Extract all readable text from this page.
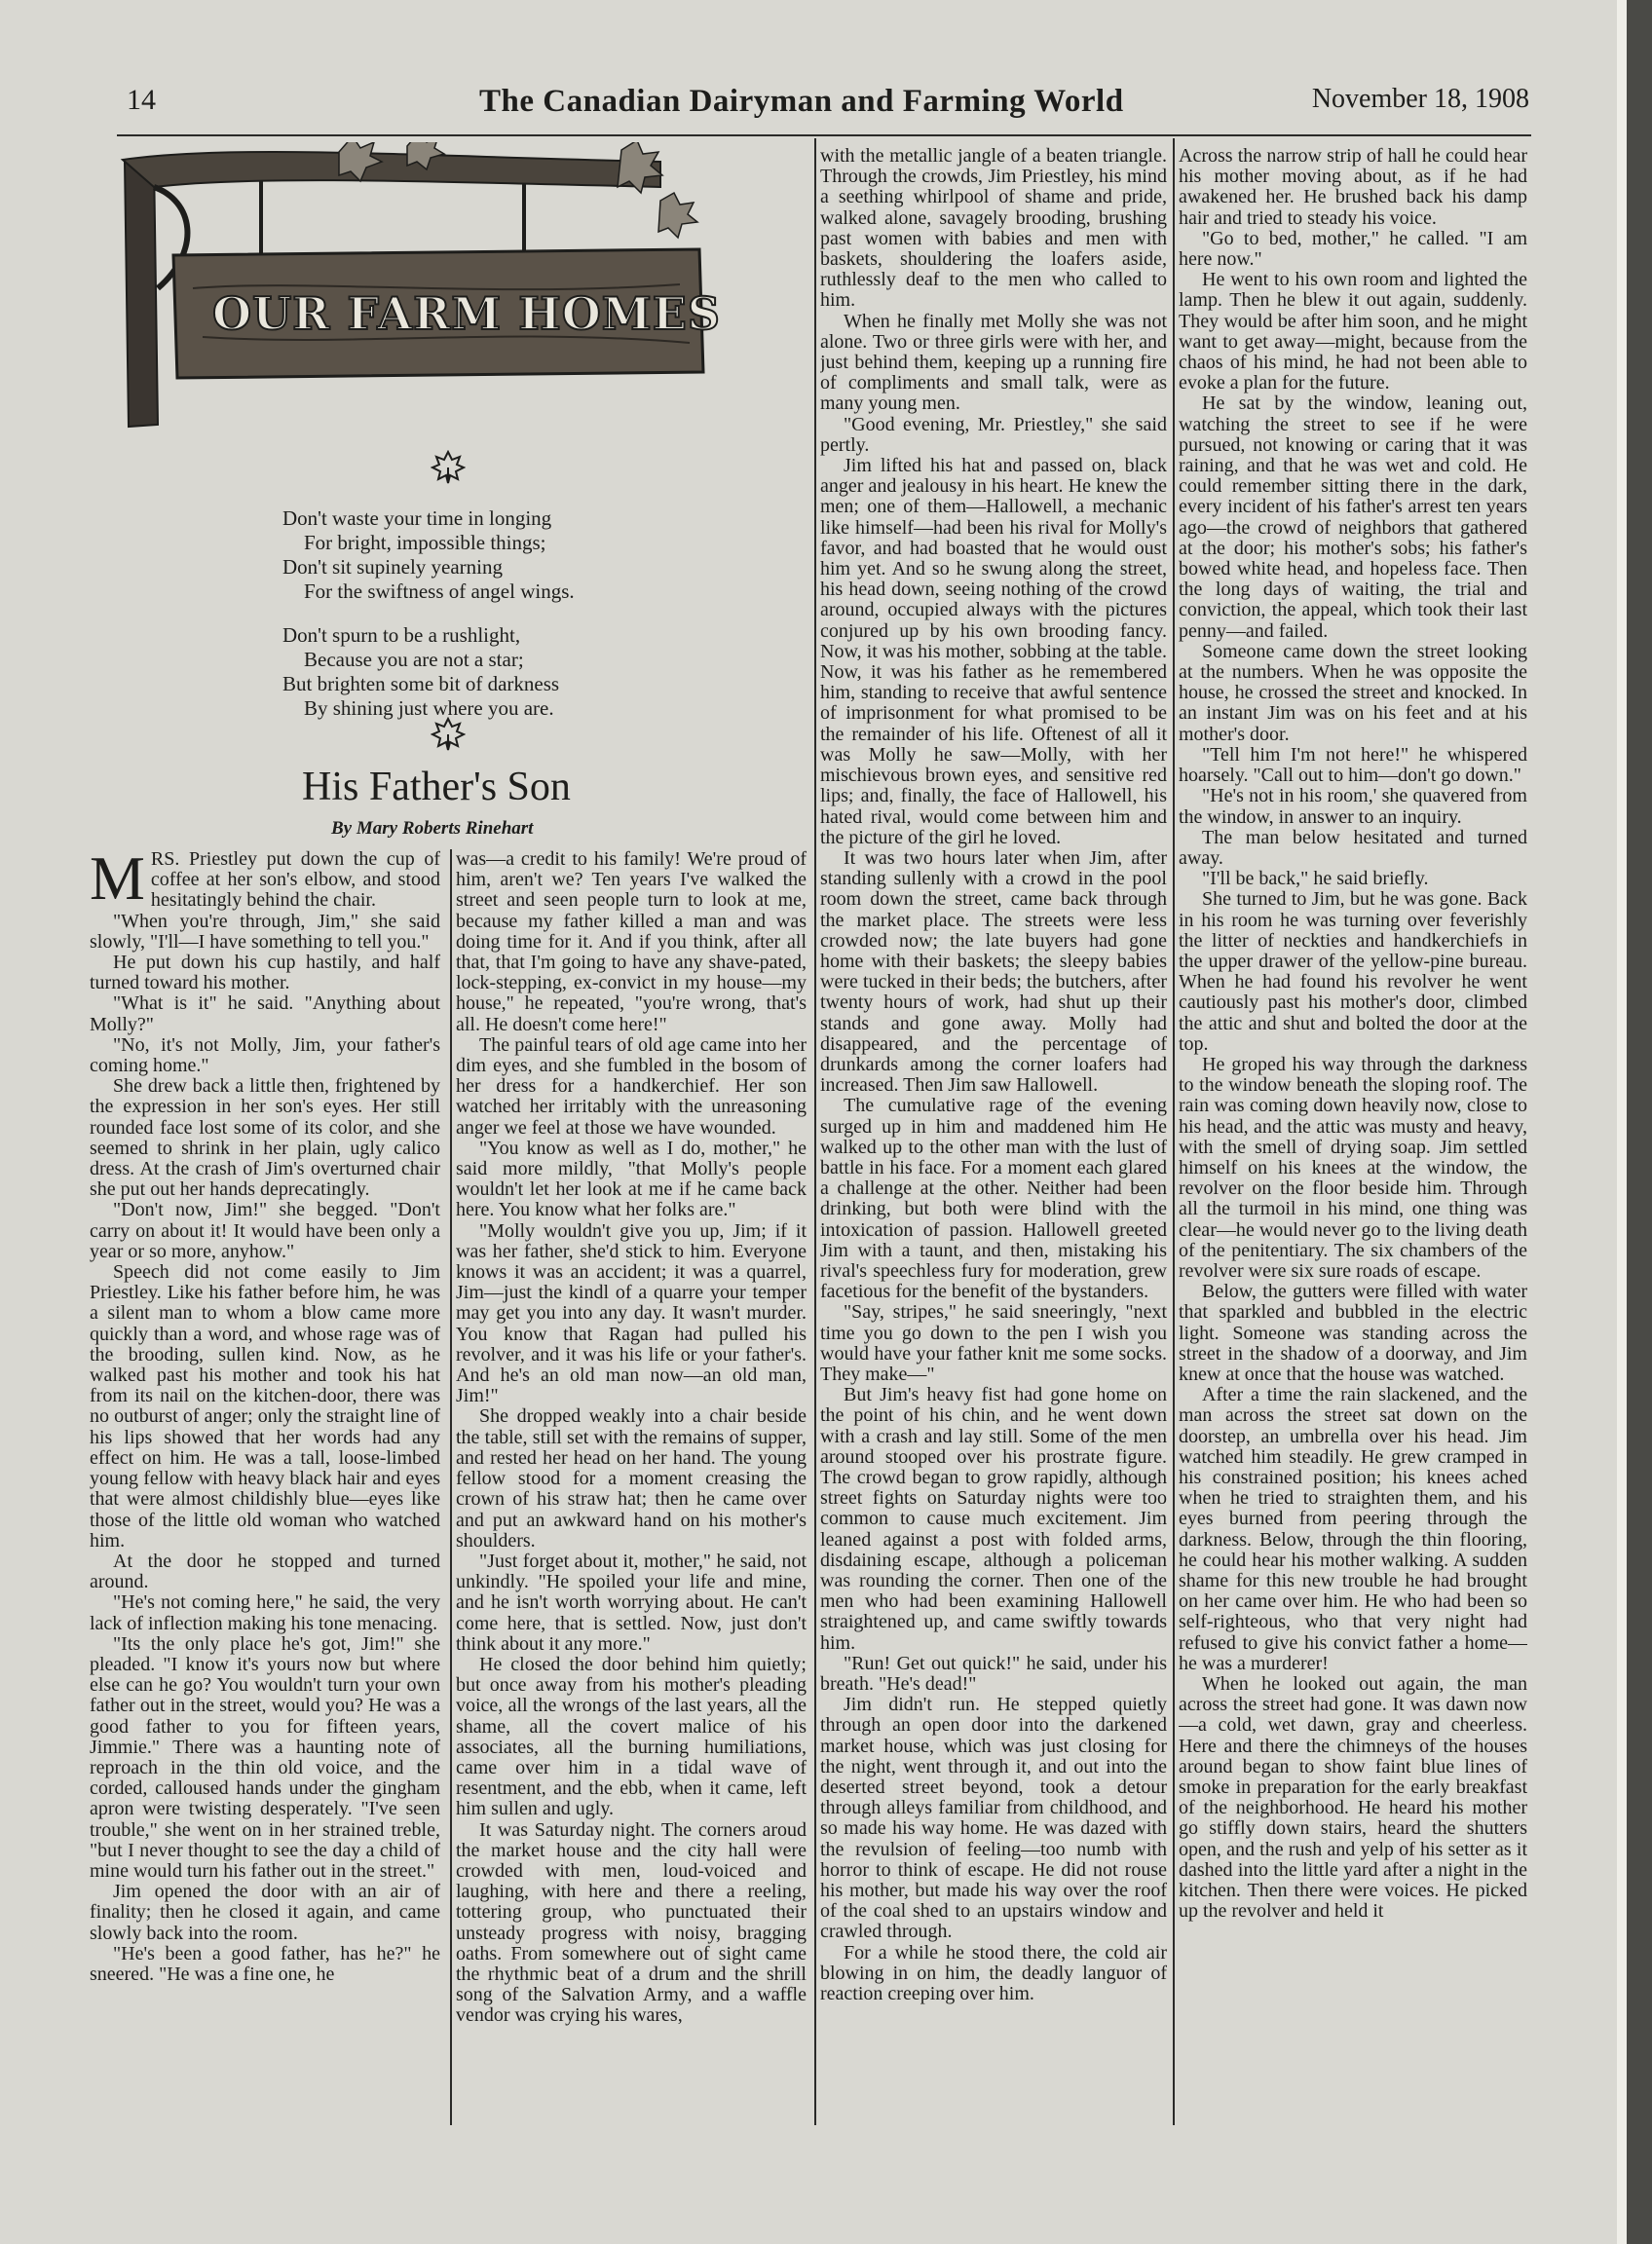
14	The Canadian Dairyman and Farming World	November 18, 1908
OUR FARM HOMES
Don't waste your time in longing
For bright, impossible things;
Don't sit supinely yearning
For the swiftness of angel wings.
Don't spurn to be a rushlight,
Because you are not a star;
But brighten some bit of darkness
By shining just where you are.
His Father's Son
By Mary Roberts Rinehart

MRS. Priestley put down the cup of coffee at her son's elbow, and stood hesitatingly behind the chair.

"When you're through, Jim," she said slowly, "I'll—I have something to tell you."

He put down his cup hastily, and half turned toward his mother.

"What is it" he said. "Anything about Molly?"

"No, it's not Molly, Jim, your father's coming home."

She drew back a little then, frightened by the expression in her son's eyes. Her still rounded face lost some of its color, and she seemed to shrink in her plain, ugly calico dress. At the crash of Jim's overturned chair she put out her hands deprecatingly.

"Don't now, Jim!" she begged. "Don't carry on about it! It would have been only a year or so more, anyhow."

Speech did not come easily to Jim Priestley. Like his father before him, he was a silent man to whom a blow came more quickly than a word, and whose rage was of the brooding, sullen kind. Now, as he walked past his mother and took his hat from its nail on the kitchen-door, there was no outburst of anger; only the straight line of his lips showed that her words had any effect on him. He was a tall, loose-limbed young fellow with heavy black hair and eyes that were almost childishly blue—eyes like those of the little old woman who watched him.

At the door he stopped and turned around.

"He's not coming here," he said, the very lack of inflection making his tone menacing.

"Its the only place he's got, Jim!" she pleaded. "I know it's yours now but where else can he go? You wouldn't turn your own father out in the street, would you? He was a good father to you for fifteen years, Jimmie." There was a haunting note of reproach in the thin old voice, and the corded, calloused hands under the gingham apron were twisting desperately. "I've seen trouble," she went on in her strained treble, "but I never thought to see the day a child of mine would turn his father out in the street."

Jim opened the door with an air of finality; then he closed it again, and came slowly back into the room.

"He's been a good father, has he?" he sneered. "He was a fine one, he

was—a credit to his family! We're proud of him, aren't we? Ten years I've walked the street and seen people turn to look at me, because my father killed a man and was doing time for it. And if you think, after all that, that I'm going to have any shave-pated, lock-stepping, ex-convict in my house—my house," he repeated, "you're wrong, that's all. He doesn't come here!"

The painful tears of old age came into her dim eyes, and she fumbled in the bosom of her dress for a handkerchief. Her son watched her irritably with the unreasoning anger we feel at those we have wounded.

"You know as well as I do, mother," he said more mildly, "that Molly's people wouldn't let her look at me if he came back here. You know what her folks are."

"Molly wouldn't give you up, Jim; if it was her father, she'd stick to him. Everyone knows it was an accident; it was a quarrel, Jim—just the kindl of a quarre your temper may get you into any day. It wasn't murder. You know that Ragan had pulled his revolver, and it was his life or your father's. And he's an old man now—an old man, Jim!"

She dropped weakly into a chair beside the table, still set with the remains of supper, and rested her head on her hand. The young fellow stood for a moment creasing the crown of his straw hat; then he came over and put an awkward hand on his mother's shoulders.

"Just forget about it, mother," he said, not unkindly. "He spoiled your life and mine, and he isn't worth worrying about. He can't come here, that is settled. Now, just don't think about it any more."

He closed the door behind him quietly; but once away from his mother's pleading voice, all the wrongs of the last years, all the shame, all the covert malice of his associates, all the burning humiliations, came over him in a tidal wave of resentment, and the ebb, when it came, left him sullen and ugly.

It was Saturday night. The corners aroud the market house and the city hall were crowded with men, loud-voiced and laughing, with here and there a reeling, tottering group, who punctuated their unsteady progress with noisy, bragging oaths. From somewhere out of sight came the rhythmic beat of a drum and the shrill song of the Salvation Army, and a waffle vendor was crying his wares,

with the metallic jangle of a beaten triangle. Through the crowds, Jim Priestley, his mind a seething whirlpool of shame and pride, walked alone, savagely brooding, brushing past women with babies and men with baskets, shouldering the loafers aside, ruthlessly deaf to the men who called to him.

When he finally met Molly she was not alone. Two or three girls were with her, and just behind them, keeping up a running fire of compliments and small talk, were as many young men.

"Good evening, Mr. Priestley," she said pertly.

Jim lifted his hat and passed on, black anger and jealousy in his heart. He knew the men; one of them—Hallowell, a mechanic like himself—had been his rival for Molly's favor, and had boasted that he would oust him yet. And so he swung along the street, his head down, seeing nothing of the crowd around, occupied always with the pictures conjured up by his own brooding fancy. Now, it was his mother, sobbing at the table. Now, it was his father as he remembered him, standing to receive that awful sentence of imprisonment for what promised to be the remainder of his life. Oftenest of all it was Molly he saw—Molly, with her mischievous brown eyes, and sensitive red lips; and, finally, the face of Hallowell, his hated rival, would come between him and the picture of the girl he loved.

It was two hours later when Jim, after standing sullenly with a crowd in the pool room down the street, came back through the market place. The streets were less crowded now; the late buyers had gone home with their baskets; the sleepy babies were tucked in their beds; the butchers, after twenty hours of work, had shut up their stands and gone away. Molly had disappeared, and the percentage of drunkards among the corner loafers had increased. Then Jim saw Hallowell.

The cumulative rage of the evening surged up in him and maddened him He walked up to the other man with the lust of battle in his face. For a moment each glared a challenge at the other. Neither had been drinking, but both were blind with the intoxication of passion. Hallowell greeted Jim with a taunt, and then, mistaking his rival's speechless fury for moderation, grew facetious for the benefit of the bystanders.

"Say, stripes," he said sneeringly, "next time you go down to the pen I wish you would have your father knit me some socks. They make—"

But Jim's heavy fist had gone home on the point of his chin, and he went down with a crash and lay still. Some of the men around stooped over his prostrate figure. The crowd began to grow rapidly, although street fights on Saturday nights were too common to cause much excitement. Jim leaned against a post with folded arms, disdaining escape, although a policeman was rounding the corner. Then one of the men who had been examining Hallowell straightened up, and came swiftly towards him.

"Run! Get out quick!" he said, under his breath. "He's dead!"

Jim didn't run. He stepped quietly through an open door into the darkened market house, which was just closing for the night, went through it, and out into the deserted street beyond, took a detour through alleys familiar from childhood, and so made his way home. He was dazed with the revulsion of feeling—too numb with horror to think of escape. He did not rouse his mother, but made his way over the roof of the coal shed to an upstairs window and crawled through.

For a while he stood there, the cold air blowing in on him, the deadly languor of reaction creeping over him.

Across the narrow strip of hall he could hear his mother moving about, as if he had awakened her. He brushed back his damp hair and tried to steady his voice.

"Go to bed, mother," he called. "I am here now."

He went to his own room and lighted the lamp. Then he blew it out again, suddenly. They would be after him soon, and he might want to get away—might, because from the chaos of his mind, he had not been able to evoke a plan for the future.

He sat by the window, leaning out, watching the street to see if he were pursued, not knowing or caring that it was raining, and that he was wet and cold. He could remember sitting there in the dark, every incident of his father's arrest ten years ago—the crowd of neighbors that gathered at the door; his mother's sobs; his father's bowed white head, and hopeless face. Then the long days of waiting, the trial and conviction, the appeal, which took their last penny—and failed.

Someone came down the street looking at the numbers. When he was opposite the house, he crossed the street and knocked. In an instant Jim was on his feet and at his mother's door.

"Tell him I'm not here!" he whispered hoarsely. "Call out to him—don't go down."

"He's not in his room,' she quavered from the window, in answer to an inquiry.

The man below hesitated and turned away.

"I'll be back," he said briefly.

She turned to Jim, but he was gone. Back in his room he was turning over feverishly the litter of neckties and handkerchiefs in the upper drawer of the yellow-pine bureau. When he had found his revolver he went cautiously past his mother's door, climbed the attic and shut and bolted the door at the top.

He groped his way through the darkness to the window beneath the sloping roof. The rain was coming down heavily now, close to his head, and the attic was musty and heavy, with the smell of drying soap. Jim settled himself on his knees at the window, the revolver on the floor beside him. Through all the turmoil in his mind, one thing was clear—he would never go to the living death of the penitentiary. The six chambers of the revolver were six sure roads of escape.

Below, the gutters were filled with water that sparkled and bubbled in the electric light. Someone was standing across the street in the shadow of a doorway, and Jim knew at once that the house was watched.

After a time the rain slackened, and the man across the street sat down on the doorstep, an umbrella over his head. Jim watched him steadily. He grew cramped in his constrained position; his knees ached when he tried to straighten them, and his eyes burned from peering through the darkness. Below, through the thin flooring, he could hear his mother walking. A sudden shame for this new trouble he had brought on her came over him. He who had been so self-righteous, who that very night had refused to give his convict father a home—he was a murderer!

When he looked out again, the man across the street had gone. It was dawn now—a cold, wet dawn, gray and cheerless. Here and there the chimneys of the houses around began to show faint blue lines of smoke in preparation for the early breakfast of the neighborhood. He heard his mother go stiffly down stairs, heard the shutters open, and the rush and yelp of his setter as it dashed into the little yard after a night in the kitchen. Then there were voices. He picked up the revolver and held it
